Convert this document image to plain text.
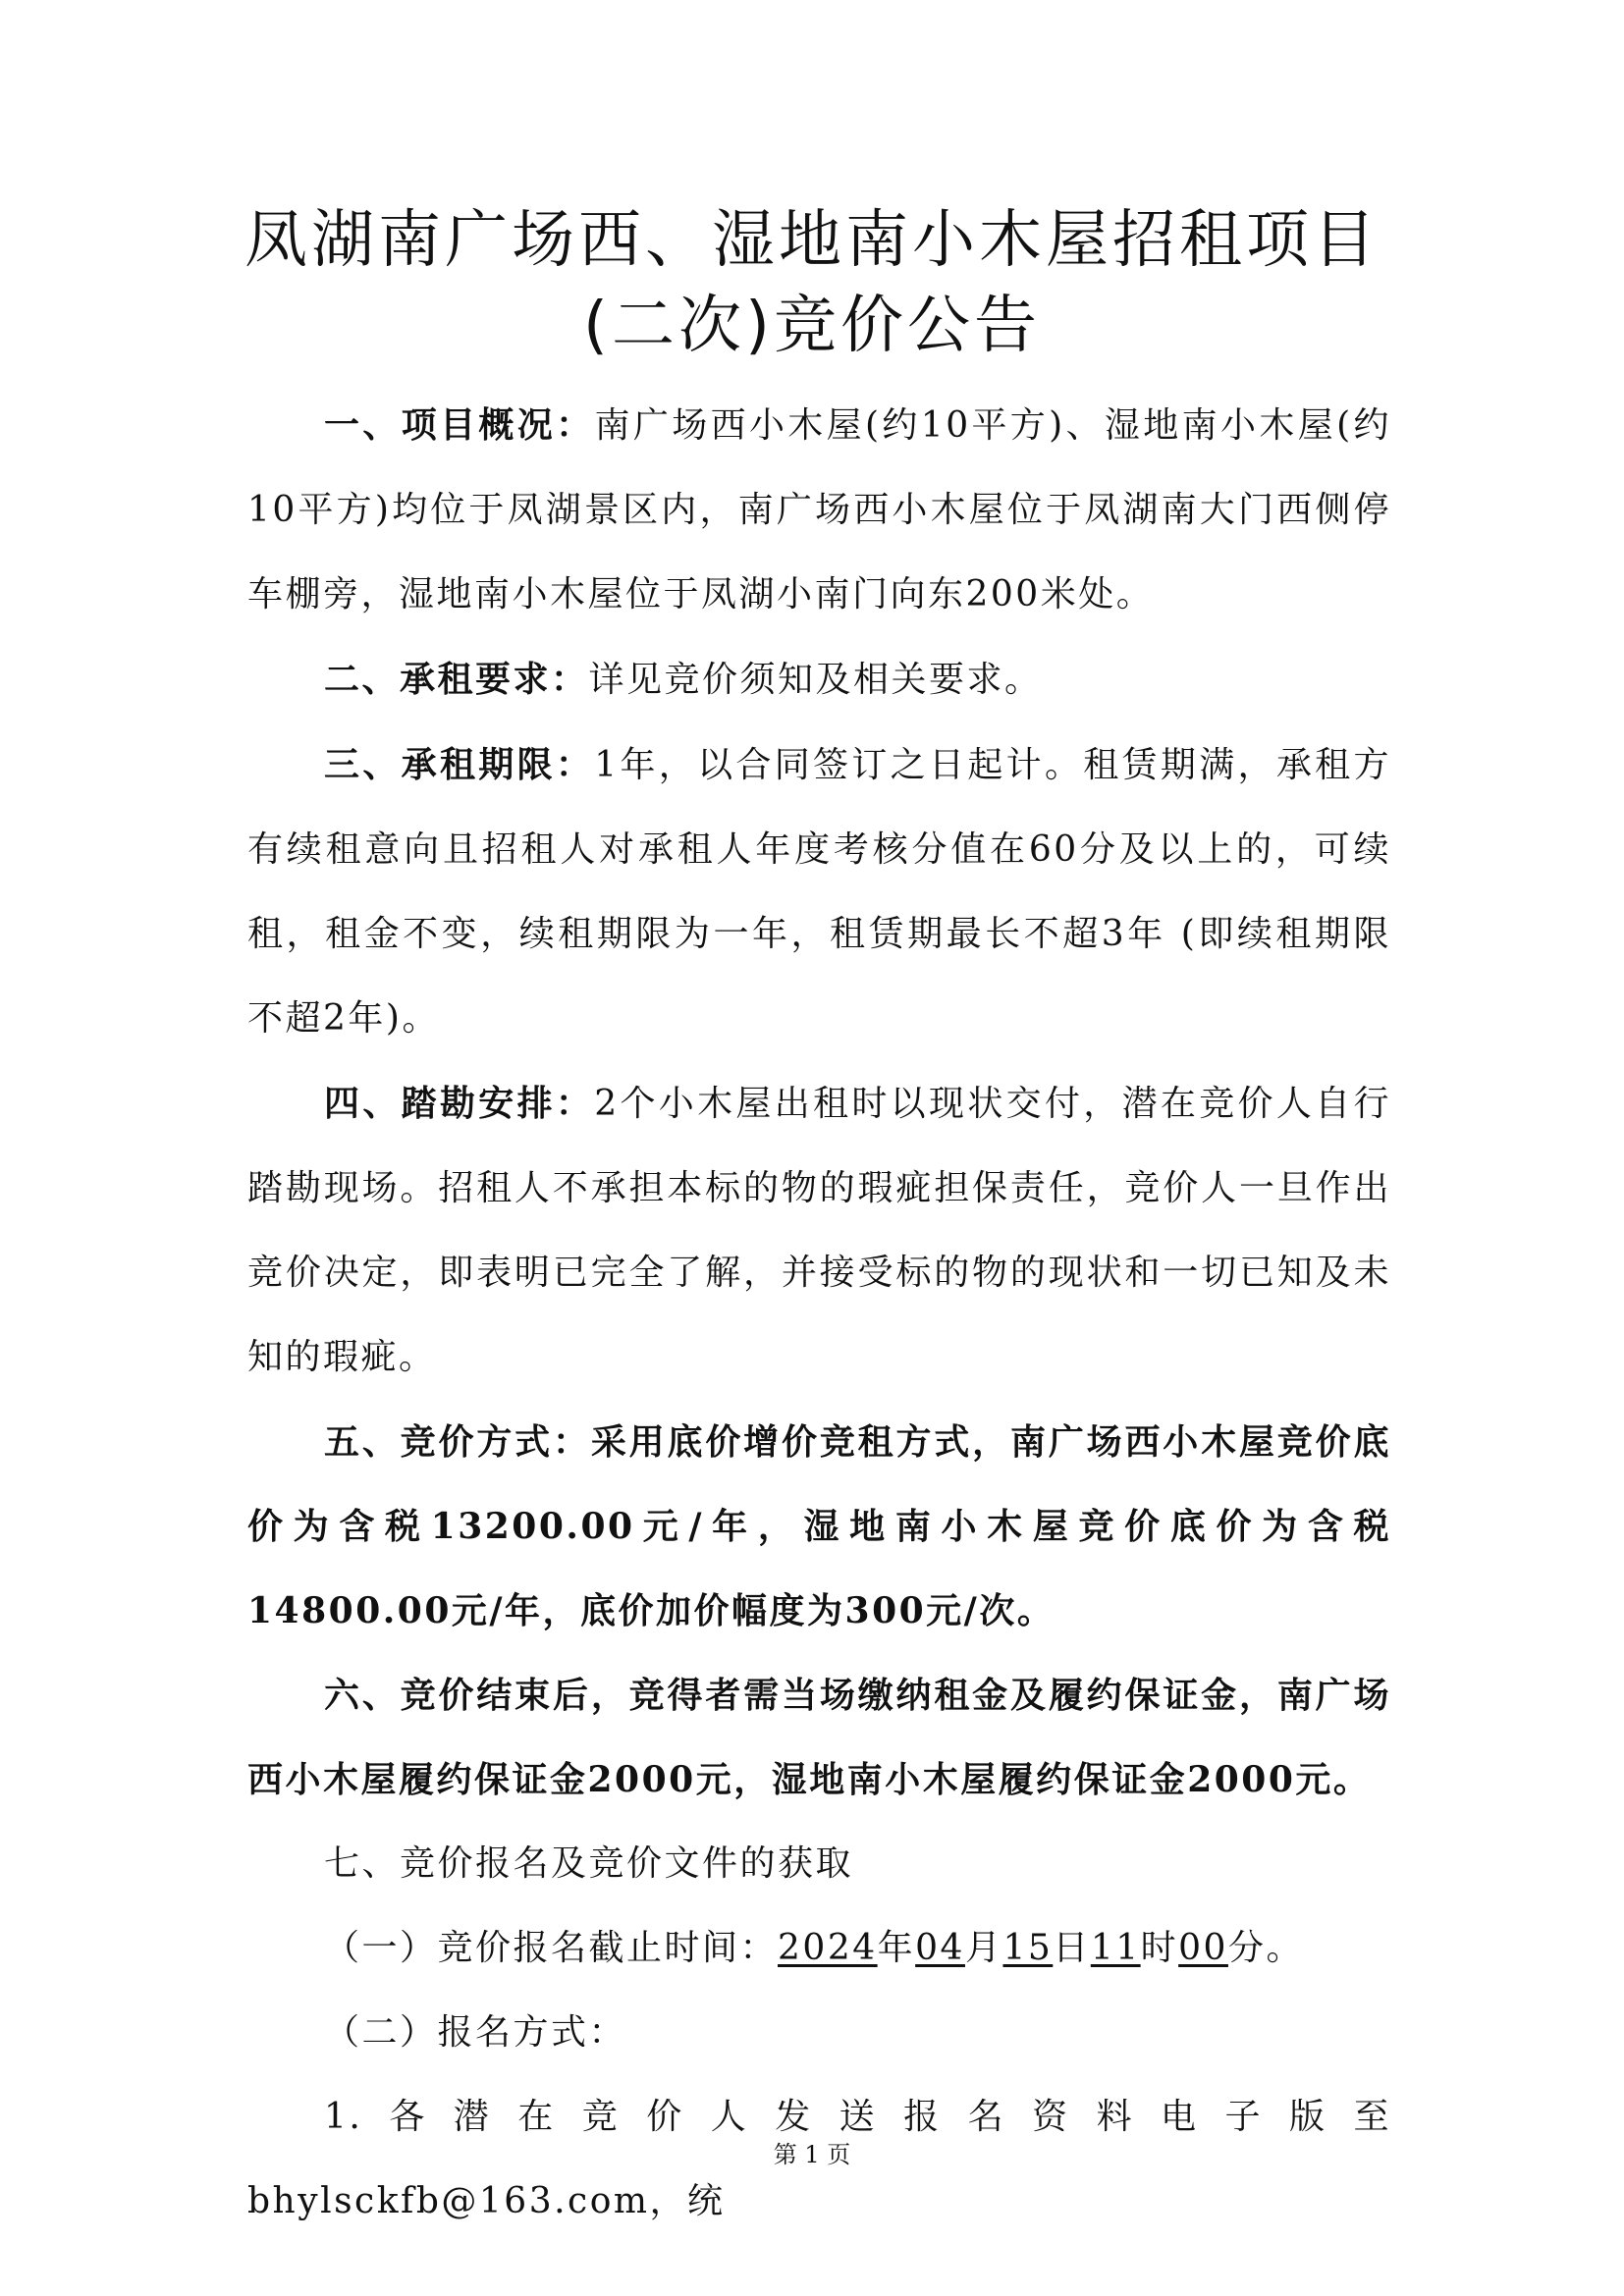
凤湖南广场西、湿地南小木屋招租项目
(二次)竞价公告

一、项目概况：南广场西小木屋(约10平方)、湿地南小木屋(约10平方)均位于凤湖景区内，南广场西小木屋位于凤湖南大门西侧停车棚旁，湿地南小木屋位于凤湖小南门向东200米处。

二、承租要求：详见竞价须知及相关要求。

三、承租期限：1年，以合同签订之日起计。租赁期满，承租方有续租意向且招租人对承租人年度考核分值在60分及以上的，可续租，租金不变，续租期限为一年，租赁期最长不超3年 (即续租期限不超2年)。

四、踏勘安排：2个小木屋出租时以现状交付，潜在竞价人自行踏勘现场。招租人不承担本标的物的瑕疵担保责任，竞价人一旦作出竞价决定，即表明已完全了解，并接受标的物的现状和一切已知及未知的瑕疵。

五、竞价方式：采用底价增价竞租方式，南广场西小木屋竞价底价为含税13200.00元/年，湿地南小木屋竞价底价为含税14800.00元/年，底价加价幅度为300元/次。

六、竞价结束后，竞得者需当场缴纳租金及履约保证金，南广场西小木屋履约保证金2000元，湿地南小木屋履约保证金2000元。

七、竞价报名及竞价文件的获取

（一）竞价报名截止时间：2024年04月15日11时00分。

（二）报名方式：

1.各潜在竞价人发送报名资料电子版至bhylsckfb@163.com，统

第 1 页
